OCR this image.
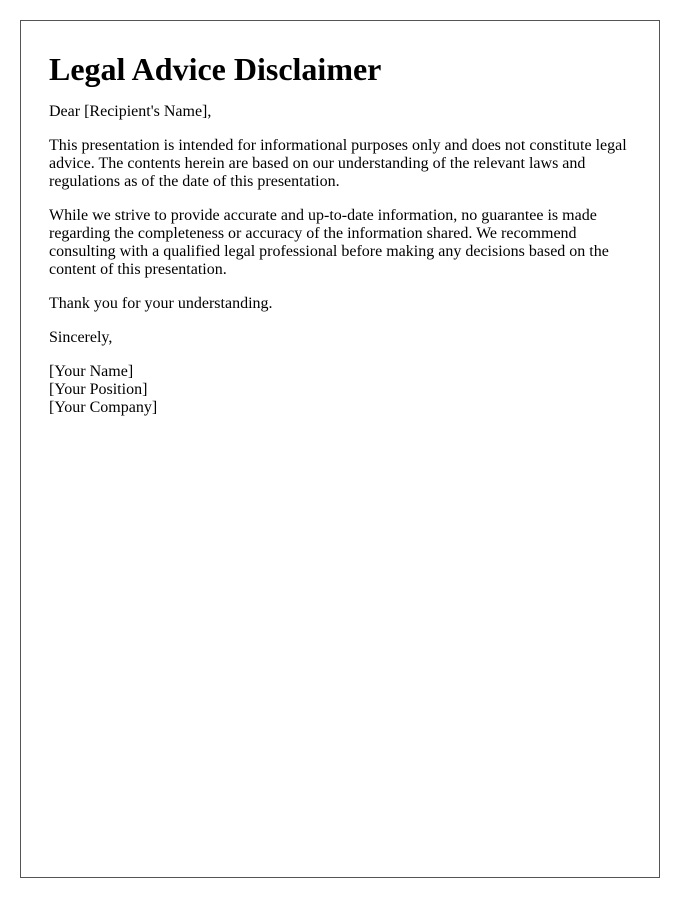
Legal Advice Disclaimer

Dear [Recipient's Name],

This presentation is intended for informational purposes only and does not constitute legal advice. The contents herein are based on our understanding of the relevant laws and regulations as of the date of this presentation.

While we strive to provide accurate and up-to-date information, no guarantee is made regarding the completeness or accuracy of the information shared. We recommend consulting with a qualified legal professional before making any decisions based on the content of this presentation.

Thank you for your understanding.

Sincerely,

[Your Name]
[Your Position]
[Your Company]
